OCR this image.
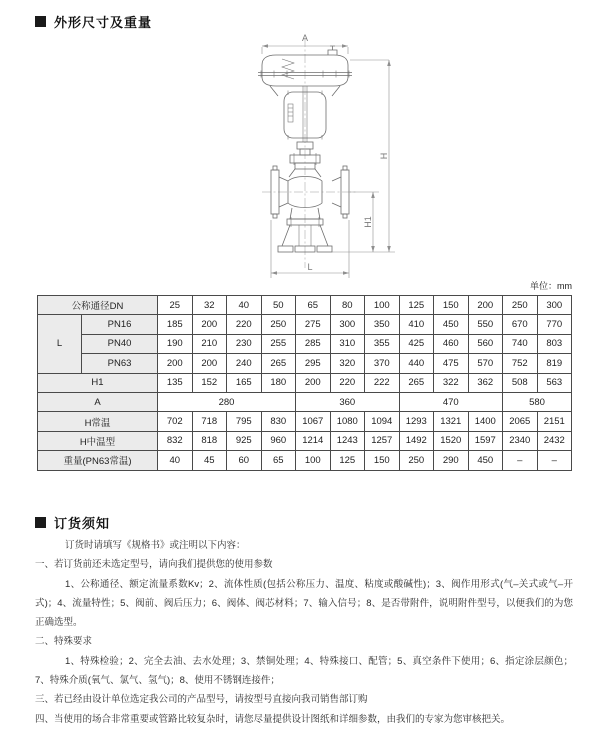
外形尺寸及重量
A
H
H1
L
单位：mm
公称通径DN		25	32	40	50	65	80	100	125	150	200	250	300
L	PN16	185	200	220	250	275	300	350	410	450	550	670	770
	PN40	190	210	230	255	285	310	355	425	460	560	740	803
	PN63	200	200	240	265	295	320	370	440	475	570	752	819
H1		135	152	165	180	200	220	222	265	322	362	508	563
A		280				360			470			580	
H常温		702	718	795	830	1067	1080	1094	1293	1321	1400	2065	2151
H中温型		832	818	925	960	1214	1243	1257	1492	1520	1597	2340	2432
重量(PN63常温)		40	45	60	65	100	125	150	250	290	450	–	–
订货须知

订货时请填写《规格书》或注明以下内容：

一、若订货前还未选定型号，请向我们提供您的使用参数

1、公称通径、额定流量系数Kv；2、流体性质(包括公称压力、温度、粘度或酸碱性)；3、阀作用形式(气–关式或气–开式)；4、流量特性；5、阀前、阀后压力；6、阀体、阀芯材料；7、输入信号；8、是否带附件，说明附件型号，以便我们的为您正确选型。

二、特殊要求

1、特殊检验；2、完全去油、去水处理；3、禁铜处理；4、特殊接口、配管；5、真空条件下使用；6、指定涂层颜色；7、特殊介质(氧气、氯气、氢气)；8、使用不锈钢连接件；

三、若已经由设计单位选定我公司的产品型号，请按型号直接向我司销售部订购

四、当使用的场合非常重要或管路比较复杂时，请您尽量提供设计图纸和详细参数，由我们的专家为您审核把关。
